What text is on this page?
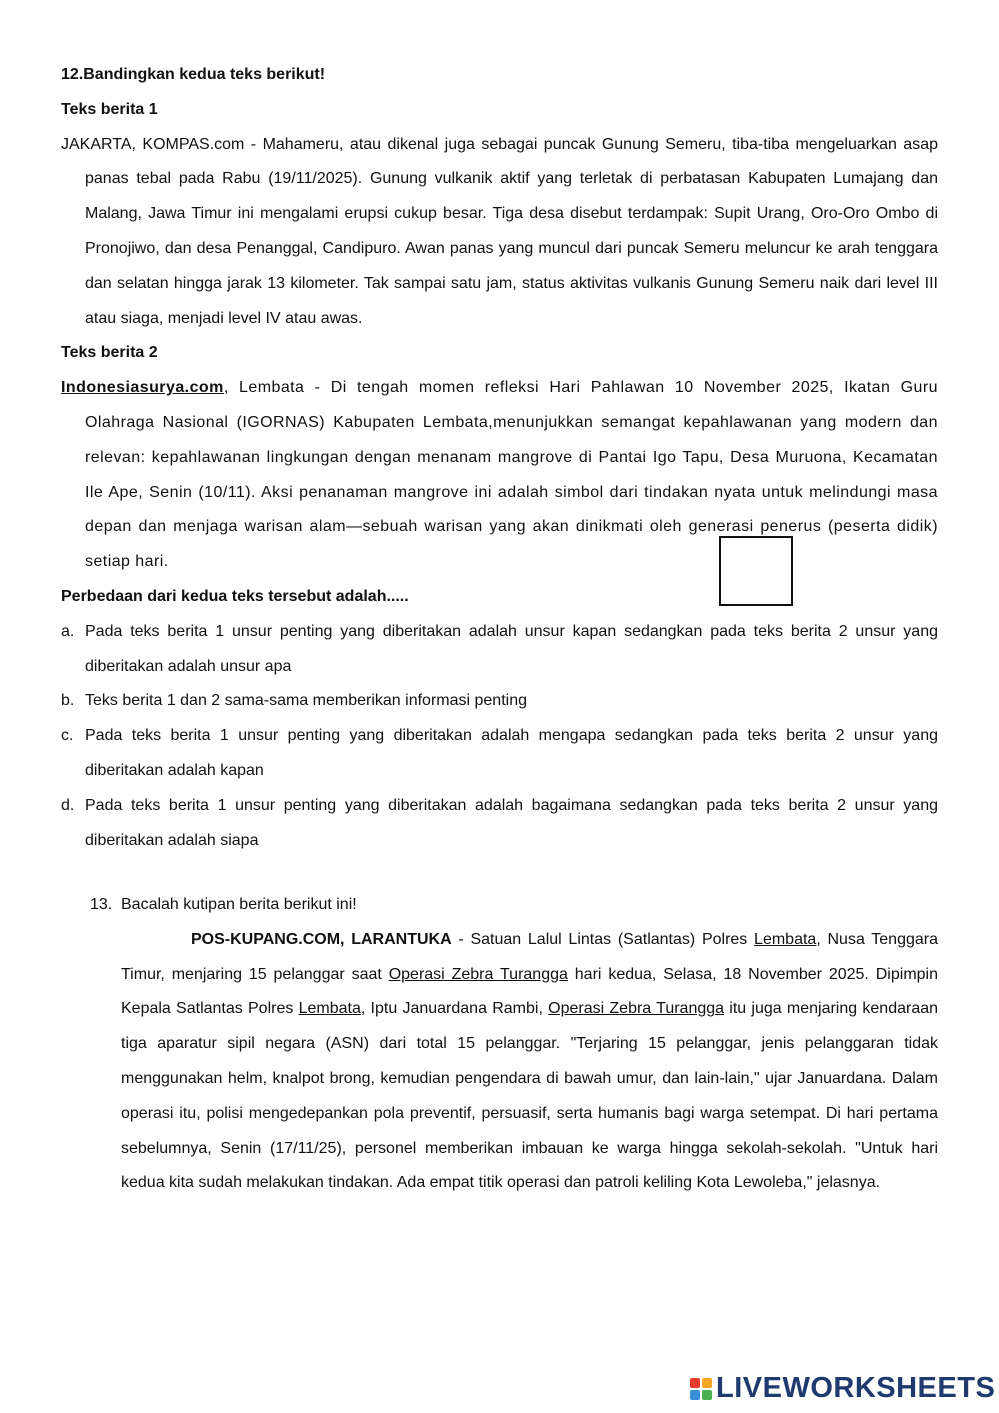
12.Bandingkan kedua teks berikut!

Teks berita 1

JAKARTA, KOMPAS.com - Mahameru, atau dikenal juga sebagai puncak Gunung Semeru, tiba-tiba mengeluarkan asap panas tebal pada Rabu (19/11/2025). Gunung vulkanik aktif yang terletak di perbatasan Kabupaten Lumajang dan Malang, Jawa Timur ini mengalami erupsi cukup besar. Tiga desa disebut terdampak: Supit Urang, Oro-Oro Ombo di Pronojiwo, dan desa Penanggal, Candipuro. Awan panas yang muncul dari puncak Semeru meluncur ke arah tenggara dan selatan hingga jarak 13 kilometer. Tak sampai satu jam, status aktivitas vulkanis Gunung Semeru naik dari level III atau siaga, menjadi level IV atau awas.

Teks berita 2

Indonesiasurya.com, Lembata - Di tengah momen refleksi Hari Pahlawan 10 November 2025, Ikatan Guru Olahraga Nasional (IGORNAS) Kabupaten Lembata,menunjukkan semangat kepahlawanan yang modern dan relevan: kepahlawanan lingkungan dengan menanam mangrove di Pantai Igo Tapu, Desa Muruona, Kecamatan Ile Ape, Senin (10/11). Aksi penanaman mangrove ini adalah simbol dari tindakan nyata untuk melindungi masa depan dan menjaga warisan alam—sebuah warisan yang akan dinikmati oleh generasi penerus (peserta didik) setiap hari.

Perbedaan dari kedua teks tersebut adalah.....

a. Pada teks berita 1 unsur penting yang diberitakan adalah unsur kapan sedangkan pada teks berita 2 unsur yang diberitakan adalah unsur apa
b. Teks berita 1 dan 2 sama-sama memberikan informasi penting
c. Pada teks berita 1 unsur penting yang diberitakan adalah mengapa sedangkan pada teks berita 2 unsur yang diberitakan adalah kapan
d. Pada teks berita 1 unsur penting yang diberitakan adalah bagaimana sedangkan pada teks berita 2 unsur yang diberitakan adalah siapa
13. Bacalah kutipan berita berikut ini!

POS-KUPANG.COM, LARANTUKA - Satuan Lalul Lintas (Satlantas) Polres Lembata, Nusa Tenggara Timur, menjaring 15 pelanggar saat Operasi Zebra Turangga hari kedua, Selasa, 18 November 2025. Dipimpin Kepala Satlantas Polres Lembata, Iptu Januardana Rambi, Operasi Zebra Turangga itu juga menjaring kendaraan tiga aparatur sipil negara (ASN) dari total 15 pelanggar. "Terjaring 15 pelanggar, jenis pelanggaran tidak menggunakan helm, knalpot brong, kemudian pengendara di bawah umur, dan lain-lain," ujar Januardana. Dalam operasi itu, polisi mengedepankan pola preventif, persuasif, serta humanis bagi warga setempat. Di hari pertama sebelumnya, Senin (17/11/25), personel memberikan imbauan ke warga hingga sekolah-sekolah. "Untuk hari kedua kita sudah melakukan tindakan. Ada empat titik operasi dan patroli keliling Kota Lewoleba," jelasnya.

LIVEWORKSHEETS
